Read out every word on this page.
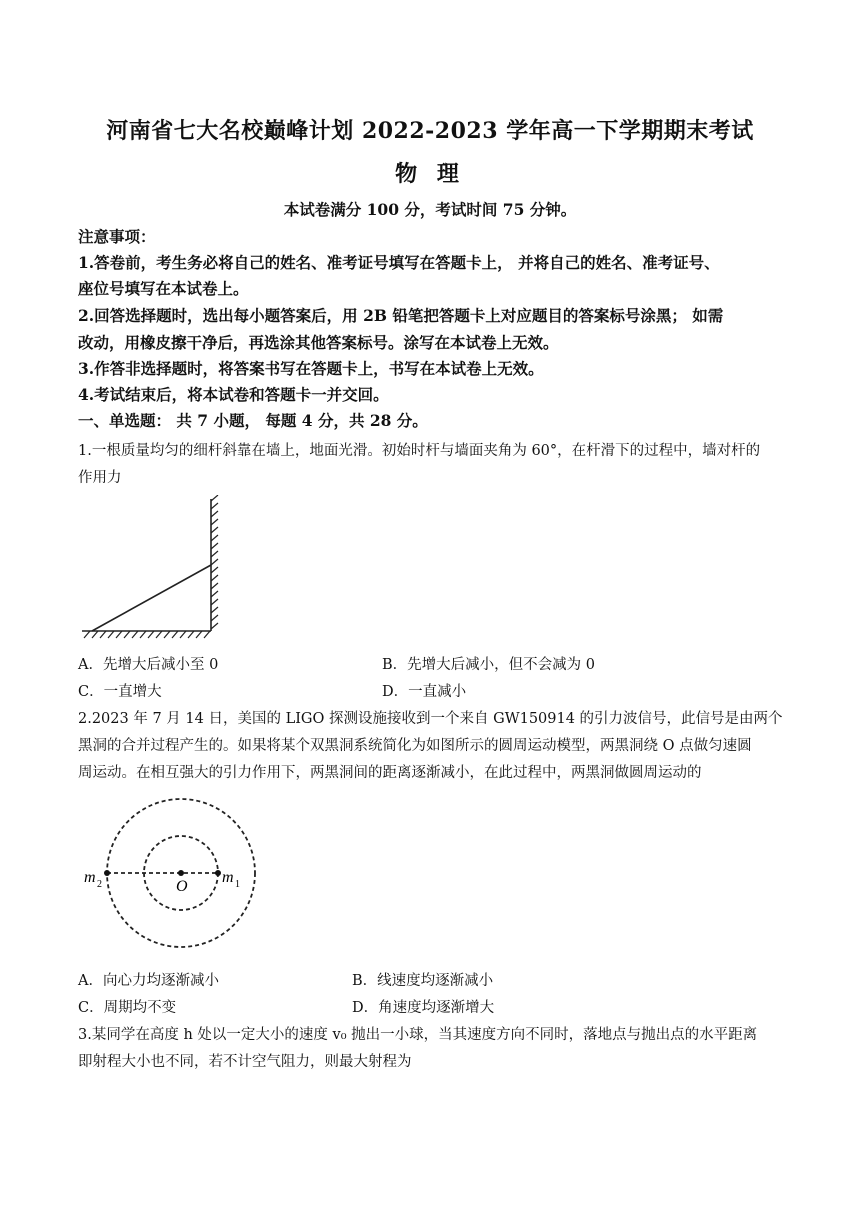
河南省七大名校巅峰计划 2022-2023 学年高一下学期期末考试
物 理
本试卷满分 100 分，考试时间 75 分钟。
注意事项：
1.答卷前，考生务必将自己的姓名、准考证号填写在答题卡上， 并将自己的姓名、准考证号、
座位号填写在本试卷上。
2.回答选择题时，选出每小题答案后，用 2B 铅笔把答题卡上对应题目的答案标号涂黑； 如需
改动，用橡皮擦干净后，再选涂其他答案标号。涂写在本试卷上无效。
3.作答非选择题时，将答案书写在答题卡上，书写在本试卷上无效。
4.考试结束后，将本试卷和答题卡一并交回。
一、单选题： 共 7 小题， 每题 4 分，共 28 分。
1.一根质量均匀的细杆斜靠在墙上，地面光滑。初始时杆与墙面夹角为 60°，在杆滑下的过程中，墙对杆的
作用力
A．先增大后减小至 0	B．先增大后减小，但不会减为 0
C．一直增大	D．一直减小
2.2023 年 7 月 14 日，美国的 LIGO 探测设施接收到一个来自 GW150914 的引力波信号，此信号是由两个
黑洞的合并过程产生的。如果将某个双黑洞系统简化为如图所示的圆周运动模型，两黑洞绕 O 点做匀速圆
周运动。在相互强大的引力作用下，两黑洞间的距离逐渐减小，在此过程中，两黑洞做圆周运动的
m 2	O
m 1
A．向心力均逐渐减小	B．线速度均逐渐减小
C．周期均不变	D．角速度均逐渐增大
3.某同学在高度 h 处以一定大小的速度 v₀ 抛出一小球，当其速度方向不同时，落地点与抛出点的水平距离
即射程大小也不同，若不计空气阻力，则最大射程为
